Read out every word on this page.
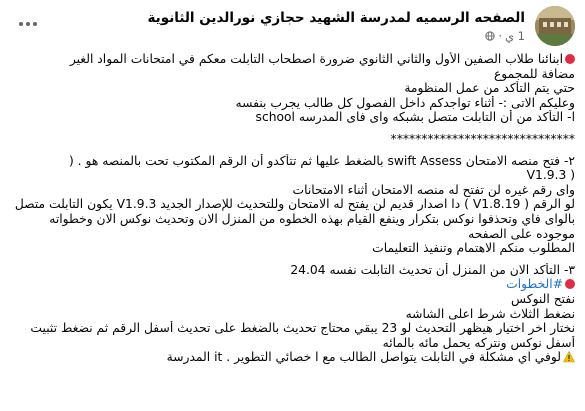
الصفحه الرسميه لمدرسة الشهيد حجازي نورالدين الثانوية
1 ي·
ابنائنا طلاب الصفين الأول والثاني الثانوي ضرورة اصطحاب التابلت معكم في امتحانات المواد الغير
مضافة للمجموع
حتي يتم التأكد من عمل المنظومة
وعليكم الاتى :- أثناء تواجدكم داخل الفصول كل طالب يجرب بنفسه
ا- التأكد من أن التابلت متصل بشبكه واى فاى المدرسه school
******************************
٢- فتح منصه الامتحان swift Assess بالضغط عليها ثم تتأكدو أن الرقم المكتوب تحت بالمنصه هو . (
( V1.9.3
واى رقم غيره لن تفتح له منصه الامتحان أثناء الامتحانات
لو الرقم ( V1.8.19 ) دا اصدار قديم لن يفتح له الامتحان وللتحديث للإصدار الجديد V1.9.3 يكون التابلت متصل
بالواى فاي وتحذفوا نوكس بتكرار وينفع القيام بهذه الخطوه من المنزل الان وتحديث نوكس الان وخطواته
موجوده على الصفحه
المطلوب منكم الاهتمام وتنفيذ التعليمات
٣- التأكد الان من المنزل أن تحديث التابلت نفسه 24.04
#الخطوات
نفتح النوكس
نضغط الثلاث شرط اعلى الشاشه
نختار اخر اختيار هيظهر التحديث لو 23 يبقي محتاج تحديث بالضغط على تحديث أسفل الرقم ثم نضغط تثبيت
أسفل نوكس ونتركه يحمل مائه بالمائه
لوفي اي مشكلة في التابلت يتواصل الطالب مع ا خصائي التطوير . it المدرسة
